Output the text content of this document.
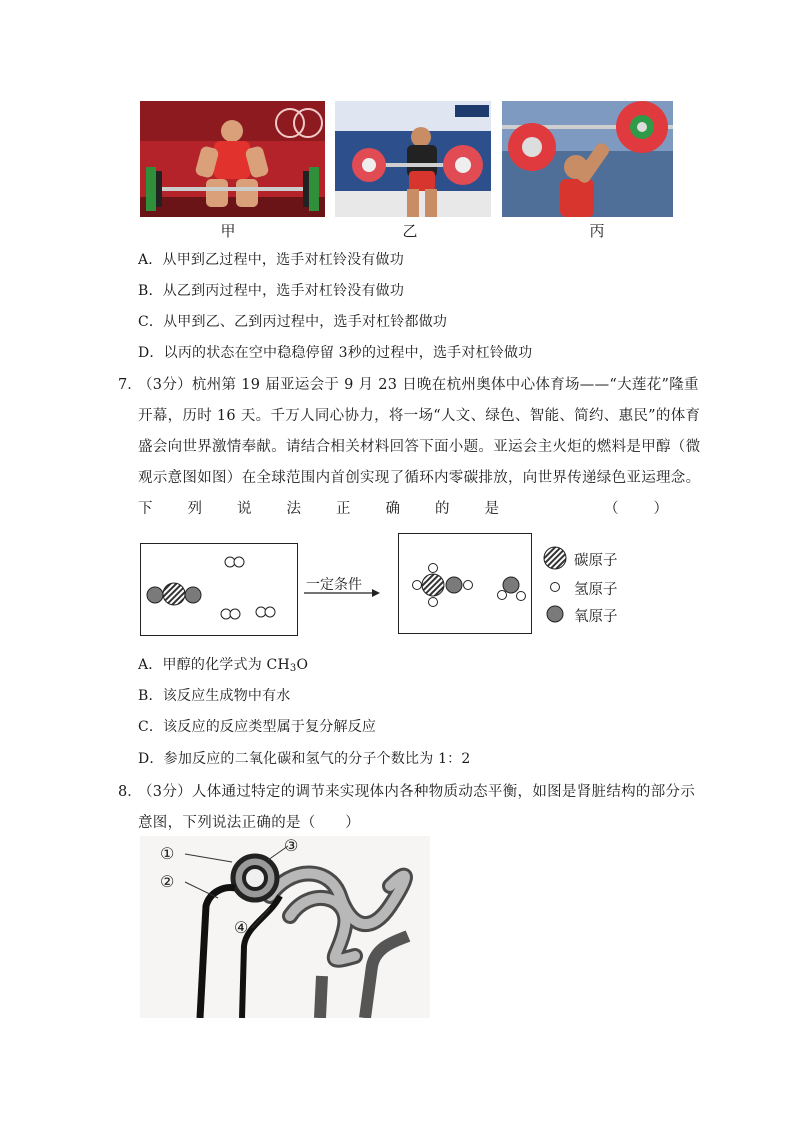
甲	乙	丙
A．从甲到乙过程中，选手对杠铃没有做功
B．从乙到丙过程中，选手对杠铃没有做功
C．从甲到乙、乙到丙过程中，选手对杠铃都做功
D．以丙的状态在空中稳稳停留 3秒的过程中，选手对杠铃做功
7．
（3分）杭州第 19 届亚运会于 9 月 23 日晚在杭州奥体中心体育场——“大莲花”隆重
开幕，历时 16 天。千万人同心协力，将一场“人文、绿色、智能、简约、惠民”的体育
盛会向世界激情奉献。请结合相关材料回答下面小题。亚运会主火炬的燃料是甲醇（微
观示意图如图）在全球范围内首创实现了循环内零碳排放，向世界传递绿色亚运理念。
下 列 说 法 正 确 的 是	（ ）
一定条件
碳原子
氢原子
氧原子
A．甲醇的化学式为 $CH_3O$
B．该反应生成物中有水
C．该反应的反应类型属于复分解反应
D．参加反应的二氧化碳和氢气的分子个数比为 1：2
8．
（3分）人体通过特定的调节来实现体内各种物质动态平衡，如图是肾脏结构的部分示
意图，下列说法正确的是（　　）
①
②
③
④
